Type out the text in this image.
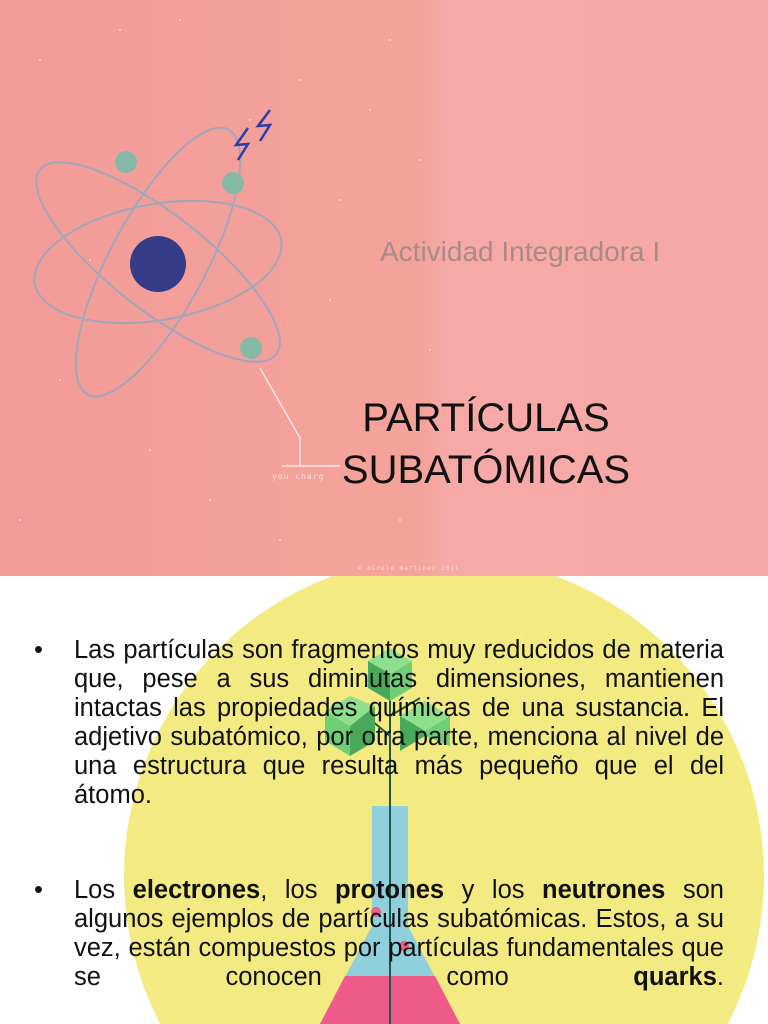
Actividad Integradora I
PARTÍCULAS
SUBATÓMICAS
you charg
© nicole martinez 2011
• Las partículas son fragmentos muy reducidos de materia que, pese a sus diminutas dimensiones, mantienen intactas las propiedades químicas de una sustancia. El adjetivo subatómico, por otra parte, menciona al nivel de una estructura que resulta más pequeño que el del átomo.
• Los electrones, los protones y los neutrones son algunos ejemplos de partículas subatómicas. Estos, a su vez, están compuestos por partículas fundamentales que se conocen como quarks.
